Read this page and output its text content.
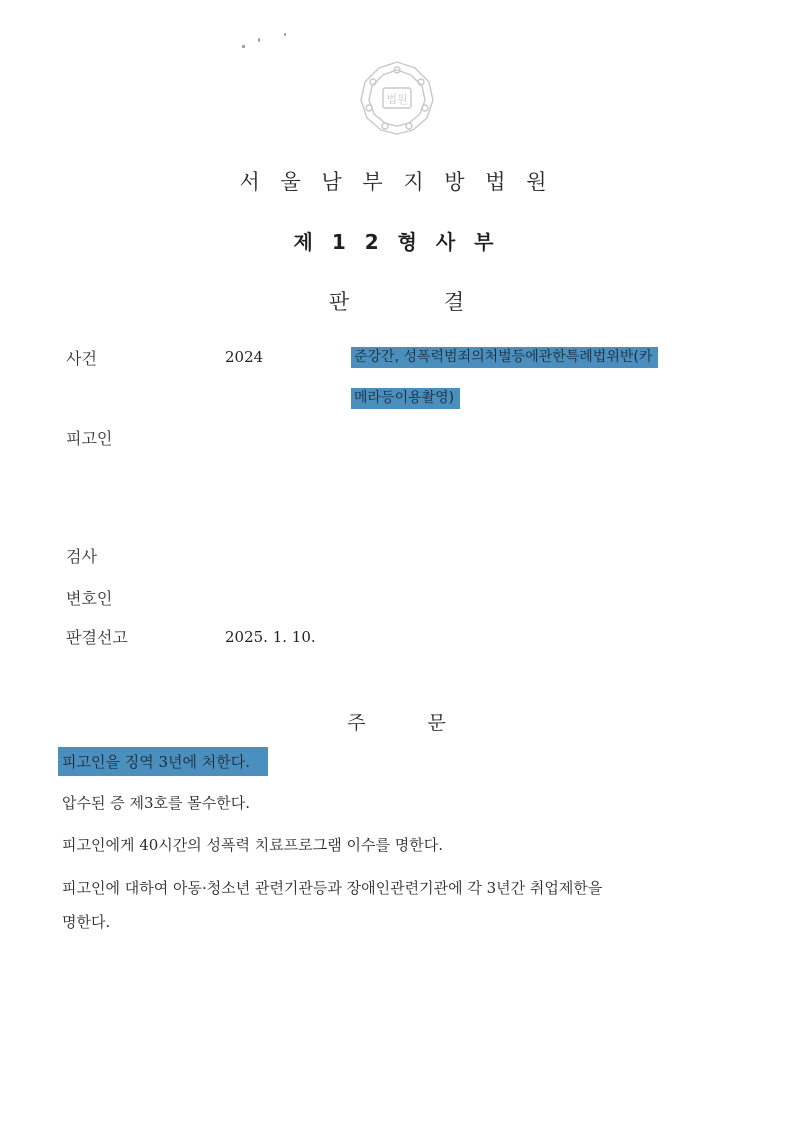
법원
서 울 남 부 지 방 법 원
제 1 2 형 사 부
판 결
사건	2024	준강간, 성폭력범죄의처벌등에관한특례법위반(카
메라등이용촬영)
피고인
검사
변호인
판결선고	2025. 1. 10.
주 문
피고인을 징역 3년에 처한다.
압수된 증 제3호를 몰수한다.
피고인에게 40시간의 성폭력 치료프로그램 이수를 명한다.
피고인에 대하여 아동·청소년 관련기관등과 장애인관련기관에 각 3년간 취업제한을
명한다.
